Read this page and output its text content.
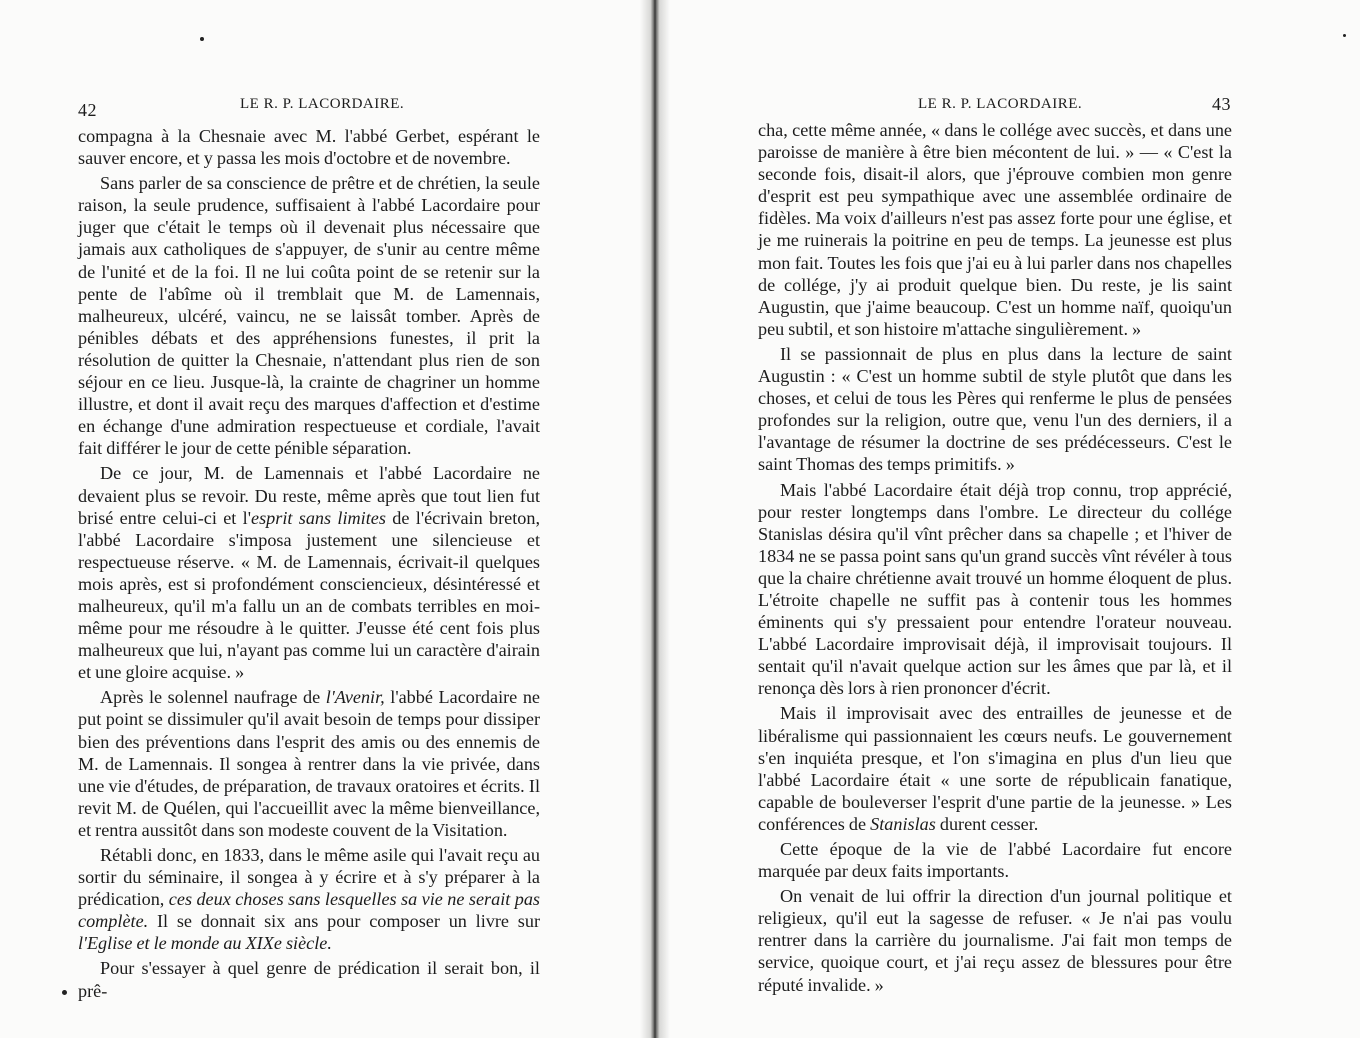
42	LE R. P. LACORDAIRE.	LE R. P. LACORDAIRE.	43

compagna à la Chesnaie avec M. l'abbé Gerbet, espérant le sauver encore, et y passa les mois d'octobre et de novembre.

Sans parler de sa conscience de prêtre et de chrétien, la seule raison, la seule prudence, suffisaient à l'abbé Lacordaire pour juger que c'était le temps où il devenait plus nécessaire que jamais aux catholiques de s'appuyer, de s'unir au centre même de l'unité et de la foi. Il ne lui coûta point de se retenir sur la pente de l'abîme où il tremblait que M. de Lamennais, malheureux, ulcéré, vaincu, ne se laissât tomber. Après de pénibles débats et des appréhensions funestes, il prit la résolution de quitter la Chesnaie, n'attendant plus rien de son séjour en ce lieu. Jusque-là, la crainte de chagriner un homme illustre, et dont il avait reçu des marques d'affection et d'estime en échange d'une admiration respectueuse et cordiale, l'avait fait différer le jour de cette pénible séparation.

De ce jour, M. de Lamennais et l'abbé Lacordaire ne devaient plus se revoir. Du reste, même après que tout lien fut brisé entre celui-ci et l'esprit sans limites de l'écrivain breton, l'abbé Lacordaire s'imposa justement une silencieuse et respectueuse réserve. « M. de Lamennais, écrivait-il quelques mois après, est si profondément consciencieux, désintéressé et malheureux, qu'il m'a fallu un an de combats terribles en moi-même pour me résoudre à le quitter. J'eusse été cent fois plus malheureux que lui, n'ayant pas comme lui un caractère d'airain et une gloire acquise. »

Après le solennel naufrage de l'Avenir, l'abbé Lacordaire ne put point se dissimuler qu'il avait besoin de temps pour dissiper bien des préventions dans l'esprit des amis ou des ennemis de M. de Lamennais. Il songea à rentrer dans la vie privée, dans une vie d'études, de préparation, de travaux oratoires et écrits. Il revit M. de Quélen, qui l'accueillit avec la même bienveillance, et rentra aussitôt dans son modeste couvent de la Visitation.

Rétabli donc, en 1833, dans le même asile qui l'avait reçu au sortir du séminaire, il songea à y écrire et à s'y préparer à la prédication, ces deux choses sans lesquelles sa vie ne serait pas complète. Il se donnait six ans pour composer un livre sur l'Eglise et le monde au XIXe siècle.

Pour s'essayer à quel genre de prédication il serait bon, il prê-

cha, cette même année, « dans le collége avec succès, et dans une paroisse de manière à être bien mécontent de lui. » — « C'est la seconde fois, disait-il alors, que j'éprouve combien mon genre d'esprit est peu sympathique avec une assemblée ordinaire de fidèles. Ma voix d'ailleurs n'est pas assez forte pour une église, et je me ruinerais la poitrine en peu de temps. La jeunesse est plus mon fait. Toutes les fois que j'ai eu à lui parler dans nos chapelles de collége, j'y ai produit quelque bien. Du reste, je lis saint Augustin, que j'aime beaucoup. C'est un homme naïf, quoiqu'un peu subtil, et son histoire m'attache singulièrement. »

Il se passionnait de plus en plus dans la lecture de saint Augustin : « C'est un homme subtil de style plutôt que dans les choses, et celui de tous les Pères qui renferme le plus de pensées profondes sur la religion, outre que, venu l'un des derniers, il a l'avantage de résumer la doctrine de ses prédécesseurs. C'est le saint Thomas des temps primitifs. »

Mais l'abbé Lacordaire était déjà trop connu, trop apprécié, pour rester longtemps dans l'ombre. Le directeur du collége Stanislas désira qu'il vînt prêcher dans sa chapelle ; et l'hiver de 1834 ne se passa point sans qu'un grand succès vînt révéler à tous que la chaire chrétienne avait trouvé un homme éloquent de plus. L'étroite chapelle ne suffit pas à contenir tous les hommes éminents qui s'y pressaient pour entendre l'orateur nouveau. L'abbé Lacordaire improvisait déjà, il improvisait toujours. Il sentait qu'il n'avait quelque action sur les âmes que par là, et il renonça dès lors à rien prononcer d'écrit.

Mais il improvisait avec des entrailles de jeunesse et de libéralisme qui passionnaient les cœurs neufs. Le gouvernement s'en inquiéta presque, et l'on s'imagina en plus d'un lieu que l'abbé Lacordaire était « une sorte de républicain fanatique, capable de bouleverser l'esprit d'une partie de la jeunesse. » Les conférences de Stanislas durent cesser.

Cette époque de la vie de l'abbé Lacordaire fut encore marquée par deux faits importants.

On venait de lui offrir la direction d'un journal politique et religieux, qu'il eut la sagesse de refuser. « Je n'ai pas voulu rentrer dans la carrière du journalisme. J'ai fait mon temps de service, quoique court, et j'ai reçu assez de blessures pour être réputé invalide. »
